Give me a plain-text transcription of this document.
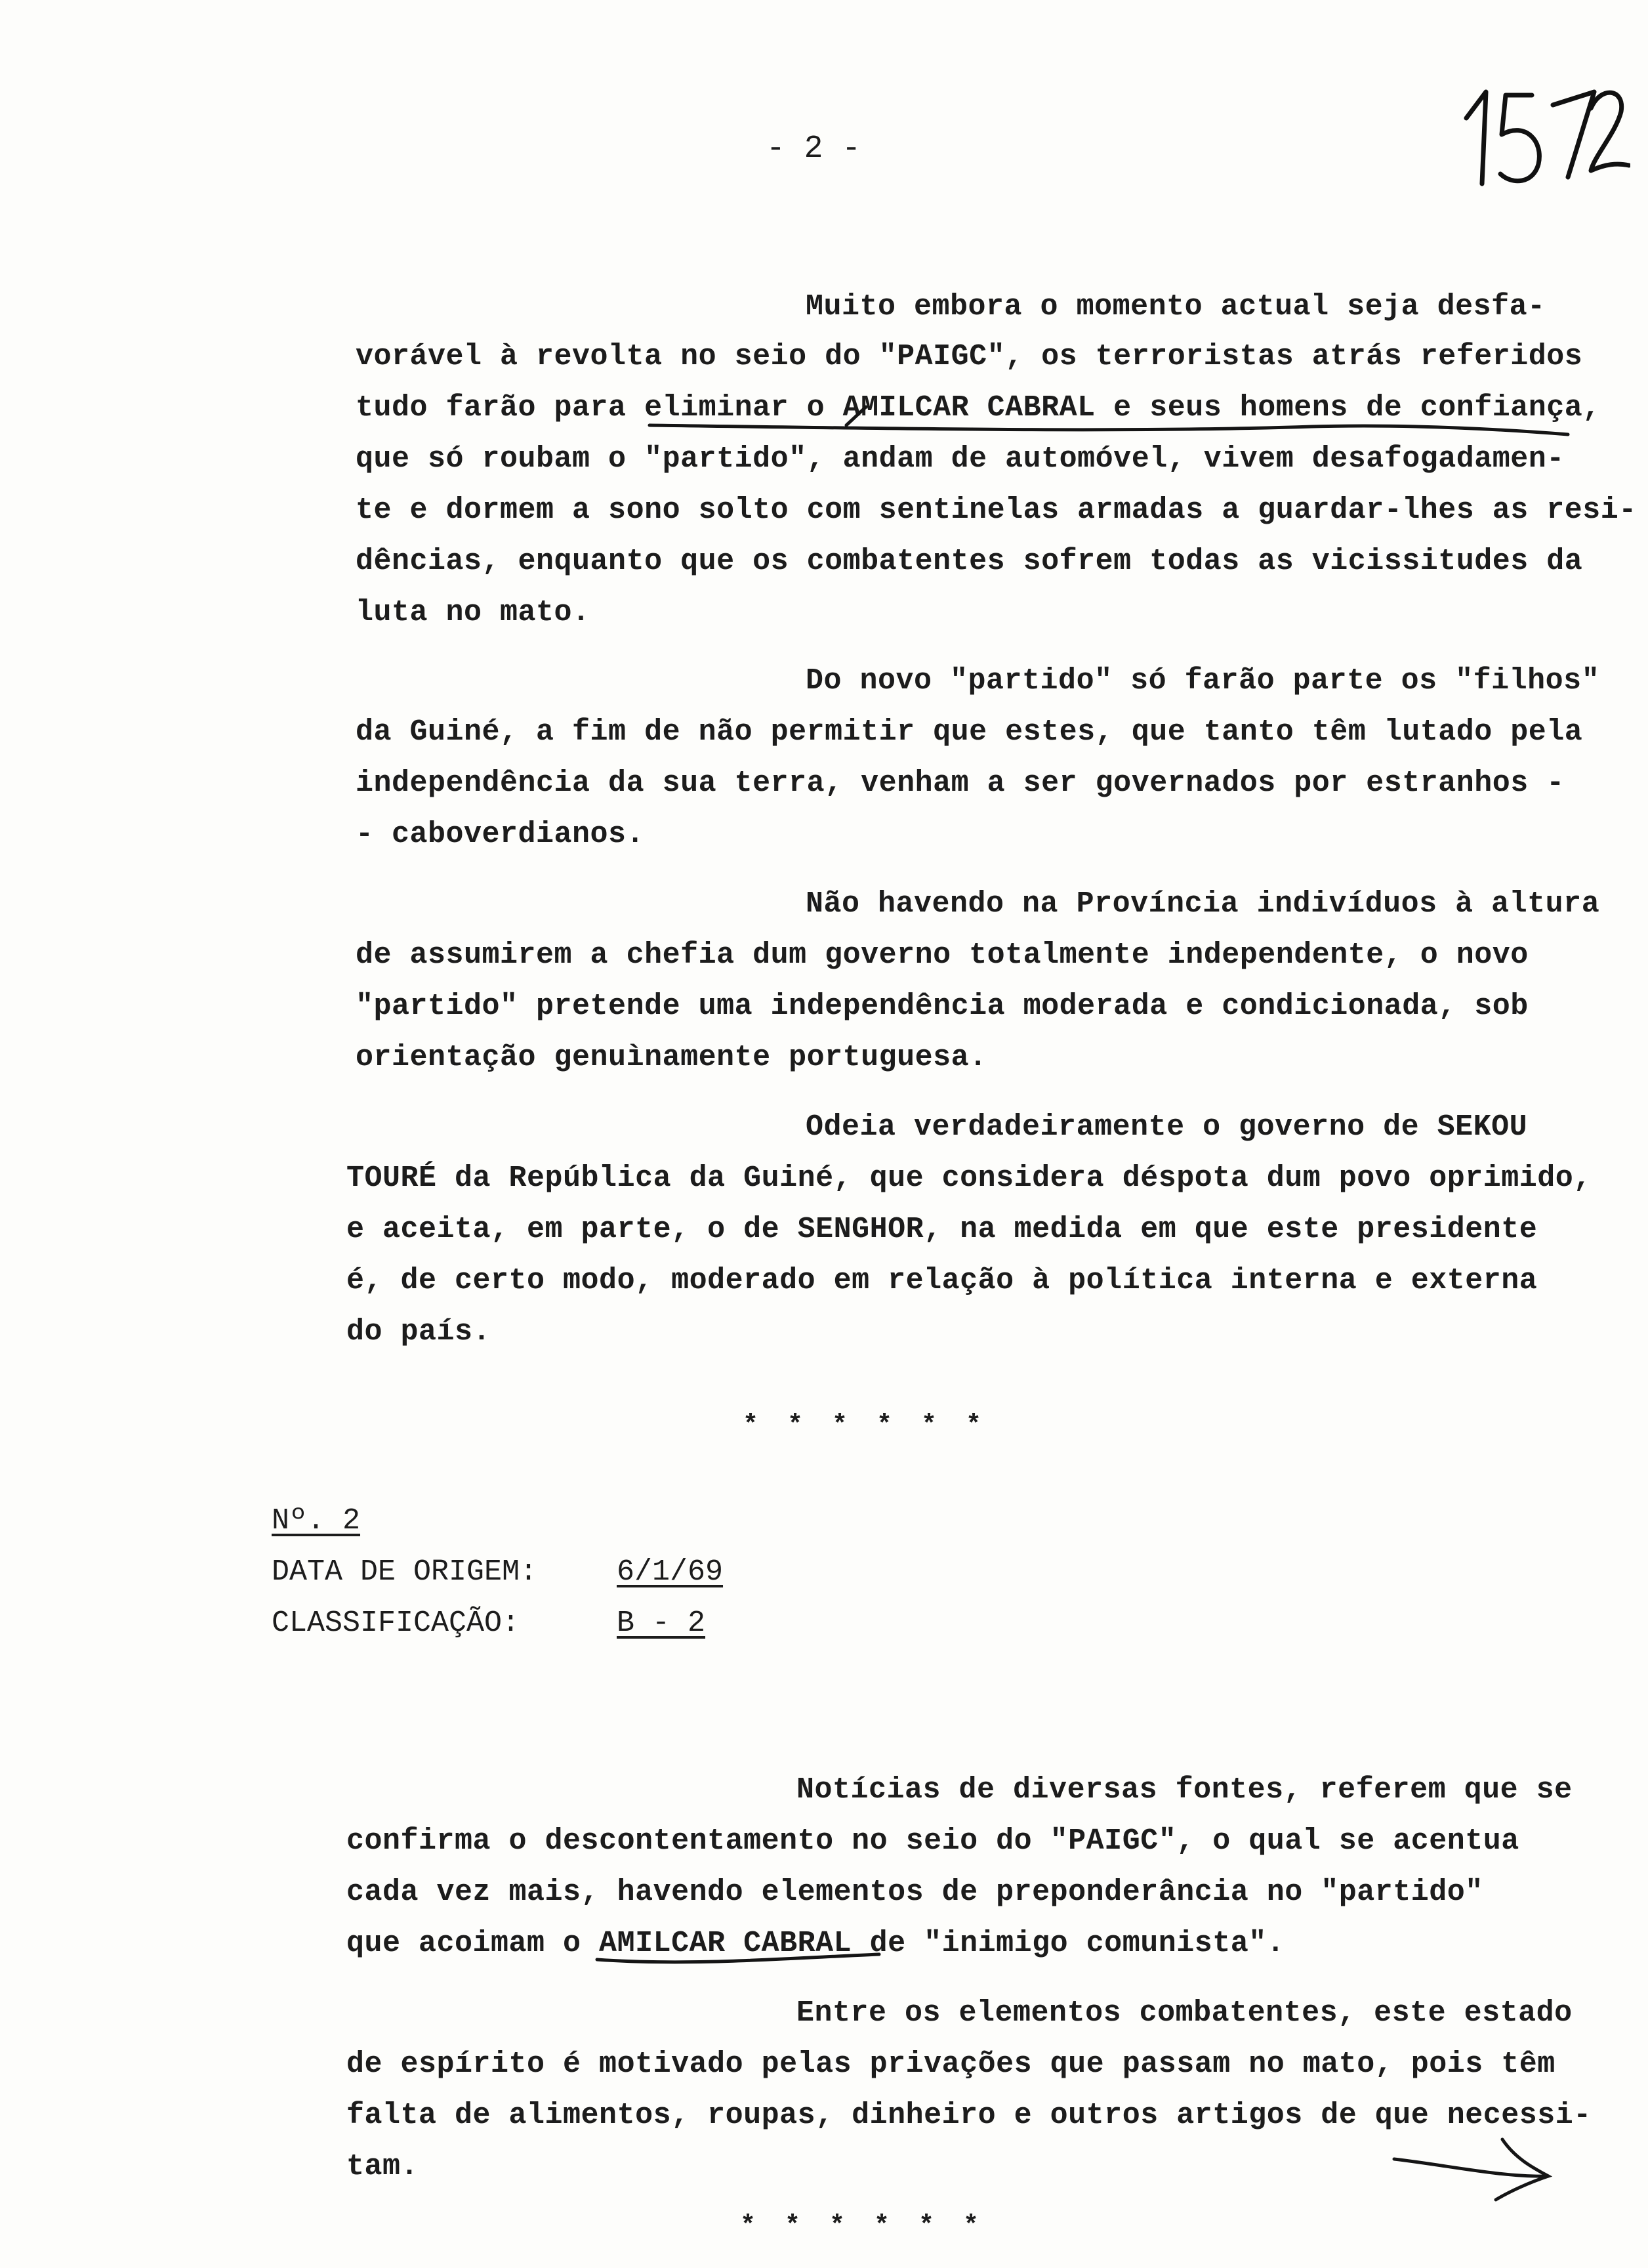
- 2 -
Muito embora o momento actual seja desfa-
vorável à revolta no seio do "PAIGC", os terroristas atrás referidos
tudo farão para eliminar o AMILCAR CABRAL e seus homens de confiança,
que só roubam o "partido", andam de automóvel, vivem desafogadamen-
te e dormem a sono solto com sentinelas armadas a guardar-lhes as resi-
dências, enquanto que os combatentes sofrem todas as vicissitudes da
luta no mato.
Do novo "partido" só farão parte os "filhos"
da Guiné, a fim de não permitir que estes, que tanto têm lutado pela
independência da sua terra, venham a ser governados por estranhos -
- caboverdianos.
Não havendo na Província indivíduos à altura
de assumirem a chefia dum governo totalmente independente, o novo
"partido" pretende uma independência moderada e condicionada, sob
orientação genuìnamente portuguesa.
Odeia verdadeiramente o governo de SEKOU
TOURÉ da República da Guiné, que considera déspota dum povo oprimido,
e aceita, em parte, o de SENGHOR, na medida em que este presidente
é, de certo modo, moderado em relação à política interna e externa
do país.
* * * * * *
Nº. 2
DATA DE ORIGEM:	6/1/69
CLASSIFICAÇÃO:	B - 2
Notícias de diversas fontes, referem que se
confirma o descontentamento no seio do "PAIGC", o qual se acentua
cada vez mais, havendo elementos de preponderância no "partido"
que acoimam o AMILCAR CABRAL de "inimigo comunista".
Entre os elementos combatentes, este estado
de espírito é motivado pelas privações que passam no mato, pois têm
falta de alimentos, roupas, dinheiro e outros artigos de que necessi-
tam.
* * * * * *
